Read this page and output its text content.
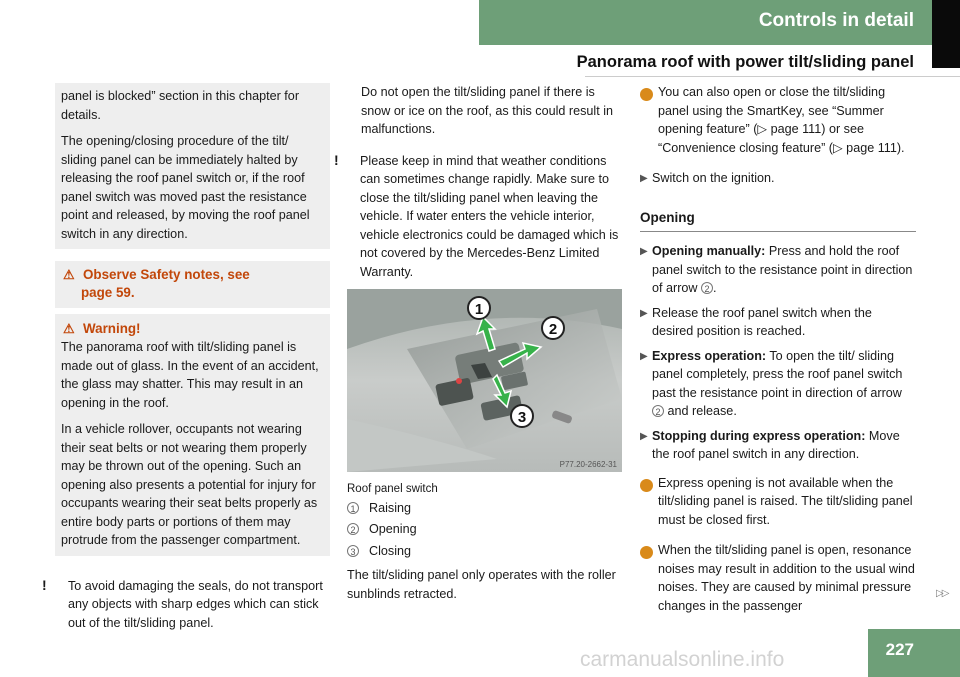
Controls in detail
Panorama roof with power tilt/sliding panel

panel is blocked” section in this chapter for details.

The opening/closing procedure of the tilt/ sliding panel can be immediately halted by releasing the roof panel switch or, if the roof panel switch was moved past the resistance point and released, by moving the roof panel switch in any direction.

⚠ Observe Safety notes, see
page 59.
⚠ Warning!

The panorama roof with tilt/sliding panel is made out of glass. In the event of an accident, the glass may shatter. This may result in an opening in the roof.

In a vehicle rollover, occupants not wearing their seat belts or not wearing them properly may be thrown out of the opening. Such an opening also presents a potential for injury for occupants wearing their seat belts properly as entire body parts or portions of them may protrude from the passenger compartment.

! To avoid damaging the seals, do not transport any objects with sharp edges which can stick out of the tilt/sliding panel.

Do not open the tilt/sliding panel if there is snow or ice on the roof, as this could result in malfunctions.

! Please keep in mind that weather conditions can sometimes change rapidly. Make sure to close the tilt/sliding panel when leaving the vehicle. If water enters the vehicle interior, vehicle electronics could be damaged which is not covered by the Mercedes-Benz Limited Warranty.

1
2
3
P77.20-2662-31
Roof panel switch
1	Raising
2	Opening
3	Closing

The tilt/sliding panel only operates with the roller sunblinds retracted.

i You can also open or close the tilt/sliding panel using the SmartKey, see “Summer opening feature” (▷ page 111) or see “Convenience closing feature” (▷ page 111).

▶ Switch on the ignition.
Opening
▶ Opening manually: Press and hold the roof panel switch to the resistance point in direction of arrow 2 .
▶ Release the roof panel switch when the desired position is reached.
▶ Express operation: To open the tilt/ sliding panel completely, press the roof panel switch past the resistance point in direction of arrow 2 and release.
▶ Stopping during express operation: Move the roof panel switch in any direction.

i Express opening is not available when the tilt/sliding panel is raised. The tilt/sliding panel must be closed first.

i When the tilt/sliding panel is open, resonance noises may result in addition to the usual wind noises. They are caused by minimal pressure changes in the passenger

▷▷
227
carmanualsonline.info
